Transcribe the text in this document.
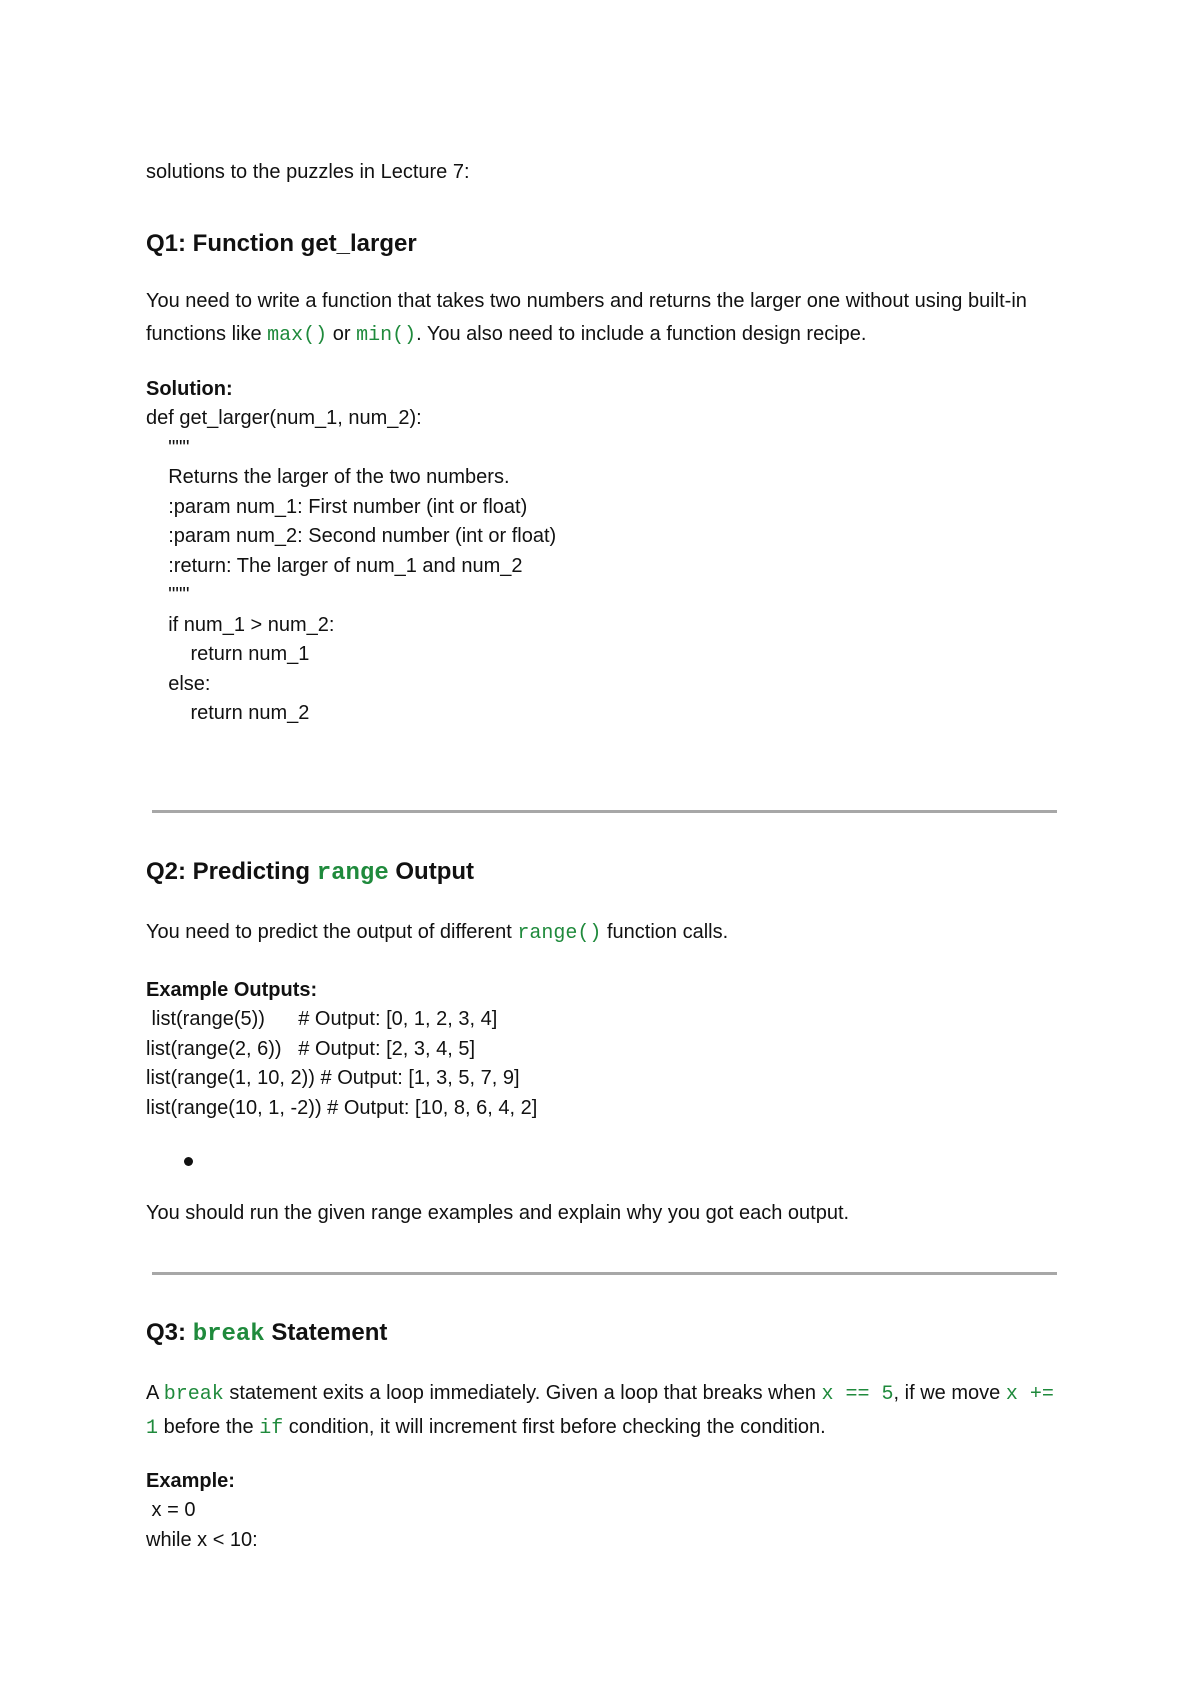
solutions to the puzzles in Lecture 7:

Q1: Function get_larger

You need to write a function that takes two numbers and returns the larger one without using built-in functions like max() or min(). You also need to include a function design recipe.

Solution:

def get_larger(num_1, num_2):

"""

Returns the larger of the two numbers.

:param num_1: First number (int or float)

:param num_2: Second number (int or float)

:return: The larger of num_1 and num_2

"""

if num_1 > num_2:

return num_1

else:

return num_2

Q2: Predicting range Output

You need to predict the output of different range() function calls.

Example Outputs:

list(range(5))      # Output: [0, 1, 2, 3, 4]

list(range(2, 6))   # Output: [2, 3, 4, 5]

list(range(1, 10, 2)) # Output: [1, 3, 5, 7, 9]

list(range(10, 1, -2)) # Output: [10, 8, 6, 4, 2]

You should run the given range examples and explain why you got each output.

Q3: break Statement

A break statement exits a loop immediately. Given a loop that breaks when x == 5, if we move x += 1 before the if condition, it will increment first before checking the condition.

Example:

x = 0

while x < 10:
